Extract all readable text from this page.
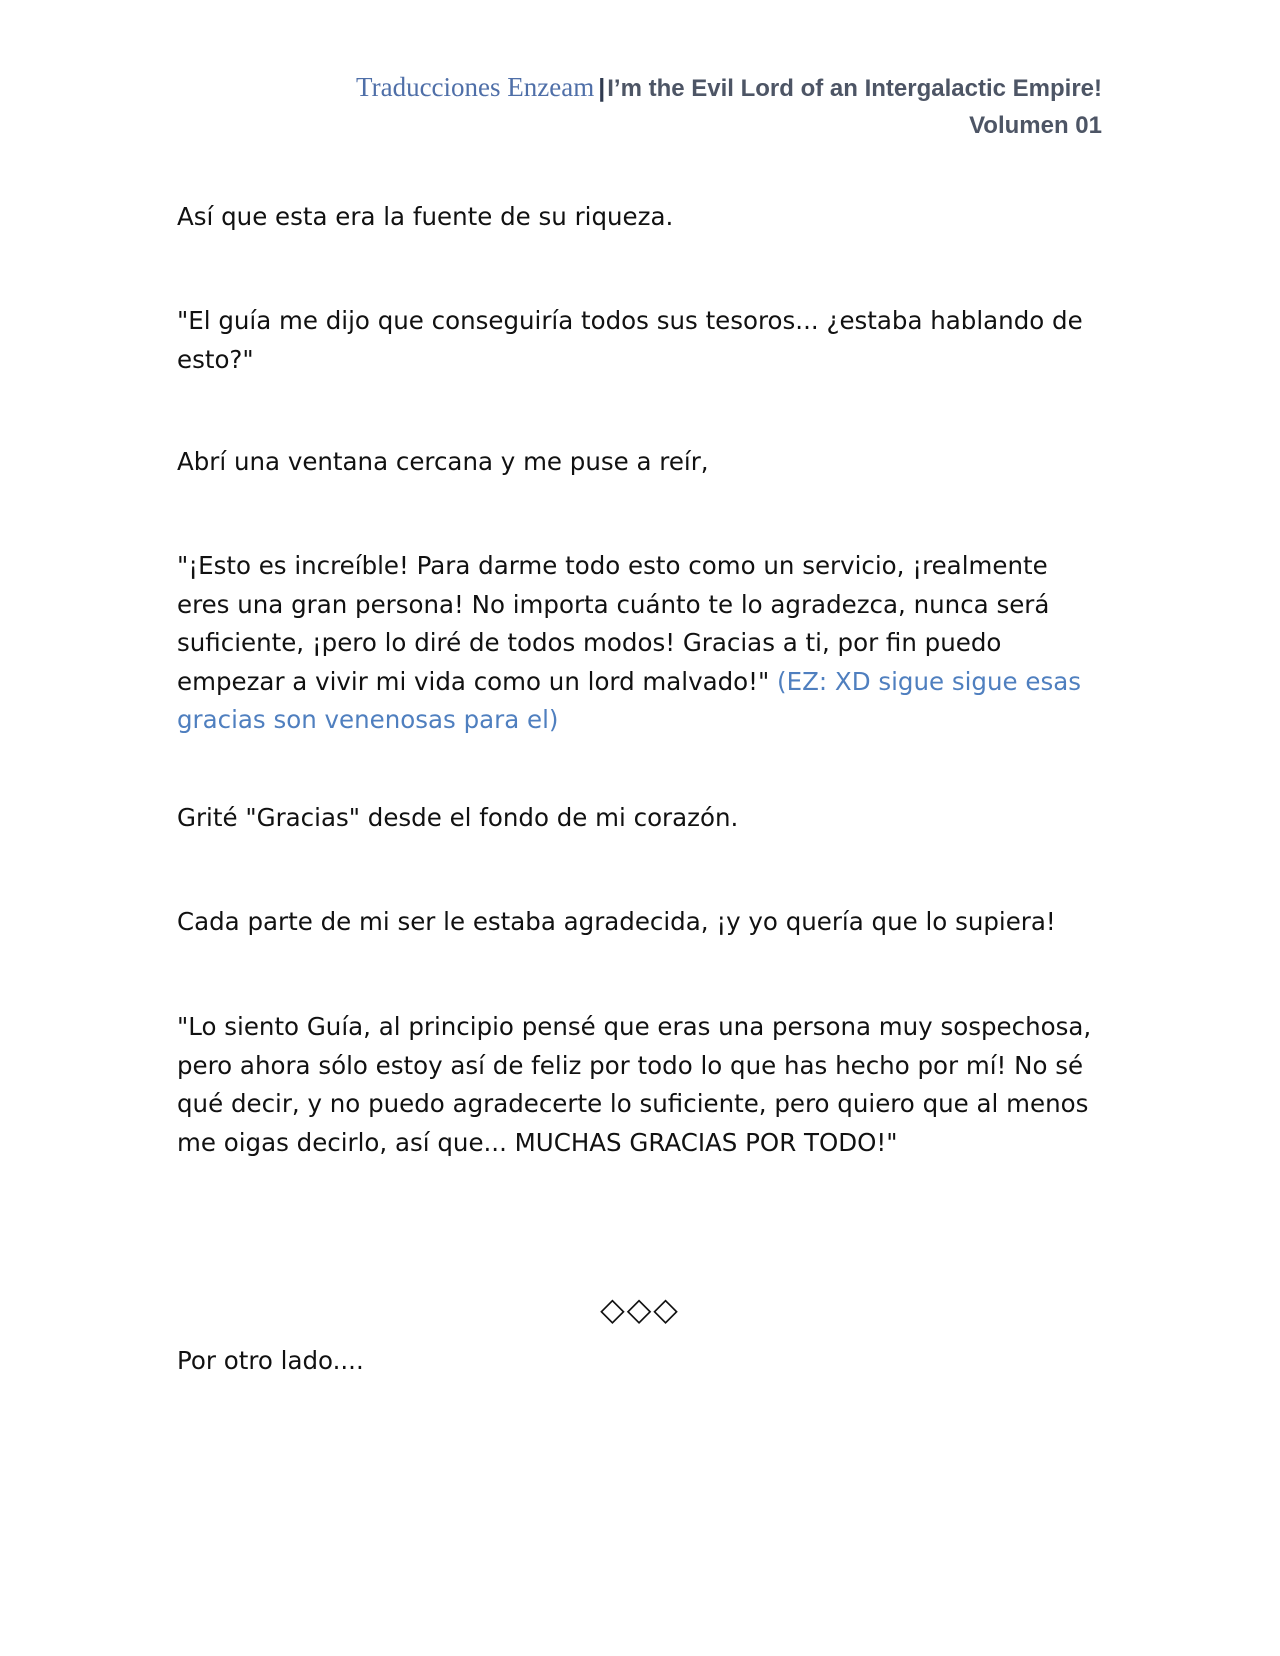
Traducciones Enzeam |I’m the Evil Lord of an Intergalactic Empire!
Volumen 01

Así que esta era la fuente de su riqueza.

"El guía me dijo que conseguiría todos sus tesoros... ¿estaba hablando de esto?"

Abrí una ventana cercana y me puse a reír,

"¡Esto es increíble! Para darme todo esto como un servicio, ¡realmente eres una gran persona! No importa cuánto te lo agradezca, nunca será suficiente, ¡pero lo diré de todos modos! Gracias a ti, por fin puedo empezar a vivir mi vida como un lord malvado!" (EZ: XD sigue sigue esas gracias son venenosas para el)

Grité "Gracias" desde el fondo de mi corazón.

Cada parte de mi ser le estaba agradecida, ¡y yo quería que lo supiera!

"Lo siento Guía, al principio pensé que eras una persona muy sospechosa, pero ahora sólo estoy así de feliz por todo lo que has hecho por mí! No sé qué decir, y no puedo agradecerte lo suficiente, pero quiero que al menos me oigas decirlo, así que... MUCHAS GRACIAS POR TODO!"

◇◇◇

Por otro lado....
